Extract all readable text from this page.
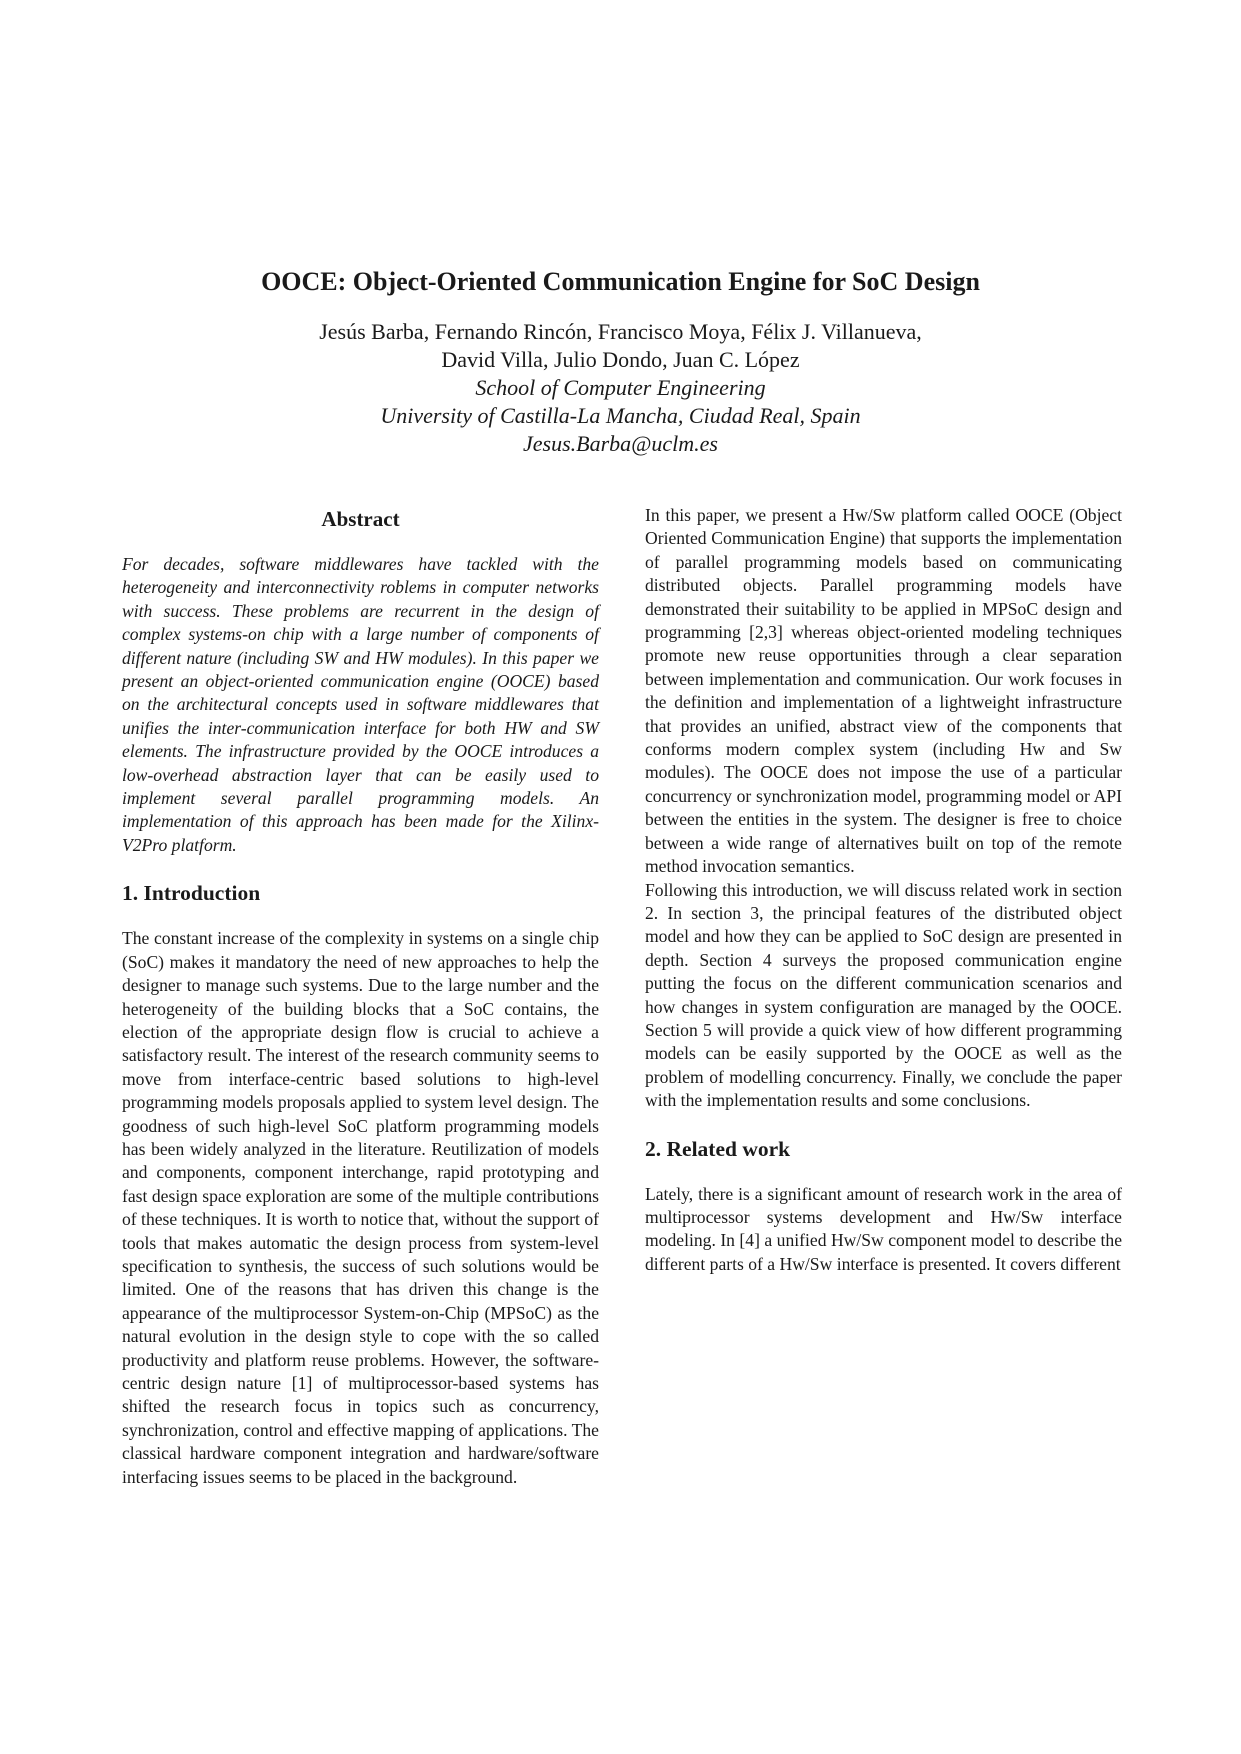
OOCE: Object-Oriented Communication Engine for SoC Design
Jesús Barba, Fernando Rincón, Francisco Moya, Félix J. Villanueva,
David Villa, Julio Dondo, Juan C. López
School of Computer Engineering
University of Castilla-La Mancha, Ciudad Real, Spain
Jesus.Barba@uclm.es
Abstract

For decades, software middlewares have tackled with the heterogeneity and interconnectivity roblems in computer networks with success. These problems are recurrent in the design of complex systems-on chip with a large number of components of different nature (including SW and HW modules). In this paper we present an object-oriented communication engine (OOCE) based on the architectural concepts used in software middlewares that unifies the inter-communication interface for both HW and SW elements. The infrastructure provided by the OOCE introduces a low-overhead abstraction layer that can be easily used to implement several parallel programming models. An implementation of this approach has been made for the Xilinx-V2Pro platform.

1. Introduction

The constant increase of the complexity in systems on a single chip (SoC) makes it mandatory the need of new approaches to help the designer to manage such systems. Due to the large number and the heterogeneity of the building blocks that a SoC contains, the election of the appropriate design flow is crucial to achieve a satisfactory result. The interest of the research community seems to move from interface-centric based solutions to high-level programming models proposals applied to system level design. The goodness of such high-level SoC platform programming models has been widely analyzed in the literature. Reutilization of models and components, component interchange, rapid prototyping and fast design space exploration are some of the multiple contributions of these techniques. It is worth to notice that, without the support of tools that makes automatic the design process from system-level specification to synthesis, the success of such solutions would be limited. One of the reasons that has driven this change is the appearance of the multiprocessor System-on-Chip (MPSoC) as the natural evolution in the design style to cope with the so called productivity and platform reuse problems. However, the software-centric design nature [1] of multiprocessor-based systems has shifted the research focus in topics such as concurrency, synchronization, control and effective mapping of applications. The classical hardware component integration and hardware/software interfacing issues seems to be placed in the background.

In this paper, we present a Hw/Sw platform called OOCE (Object Oriented Communication Engine) that supports the implementation of parallel programming models based on communicating distributed objects. Parallel programming models have demonstrated their suitability to be applied in MPSoC design and programming [2,3] whereas object-oriented modeling techniques promote new reuse opportunities through a clear separation between implementation and communication. Our work focuses in the definition and implementation of a lightweight infrastructure that provides an unified, abstract view of the components that conforms modern complex system (including Hw and Sw modules). The OOCE does not impose the use of a particular concurrency or synchronization model, programming model or API between the entities in the system. The designer is free to choice between a wide range of alternatives built on top of the remote method invocation semantics.

Following this introduction, we will discuss related work in section 2. In section 3, the principal features of the distributed object model and how they can be applied to SoC design are presented in depth. Section 4 surveys the proposed communication engine putting the focus on the different communication scenarios and how changes in system configuration are managed by the OOCE. Section 5 will provide a quick view of how different programming models can be easily supported by the OOCE as well as the problem of modelling concurrency. Finally, we conclude the paper with the implementation results and some conclusions.

2. Related work

Lately, there is a significant amount of research work in the area of multiprocessor systems development and Hw/Sw interface modeling. In [4] a unified Hw/Sw component model to describe the different parts of a Hw/Sw interface is presented. It covers different
